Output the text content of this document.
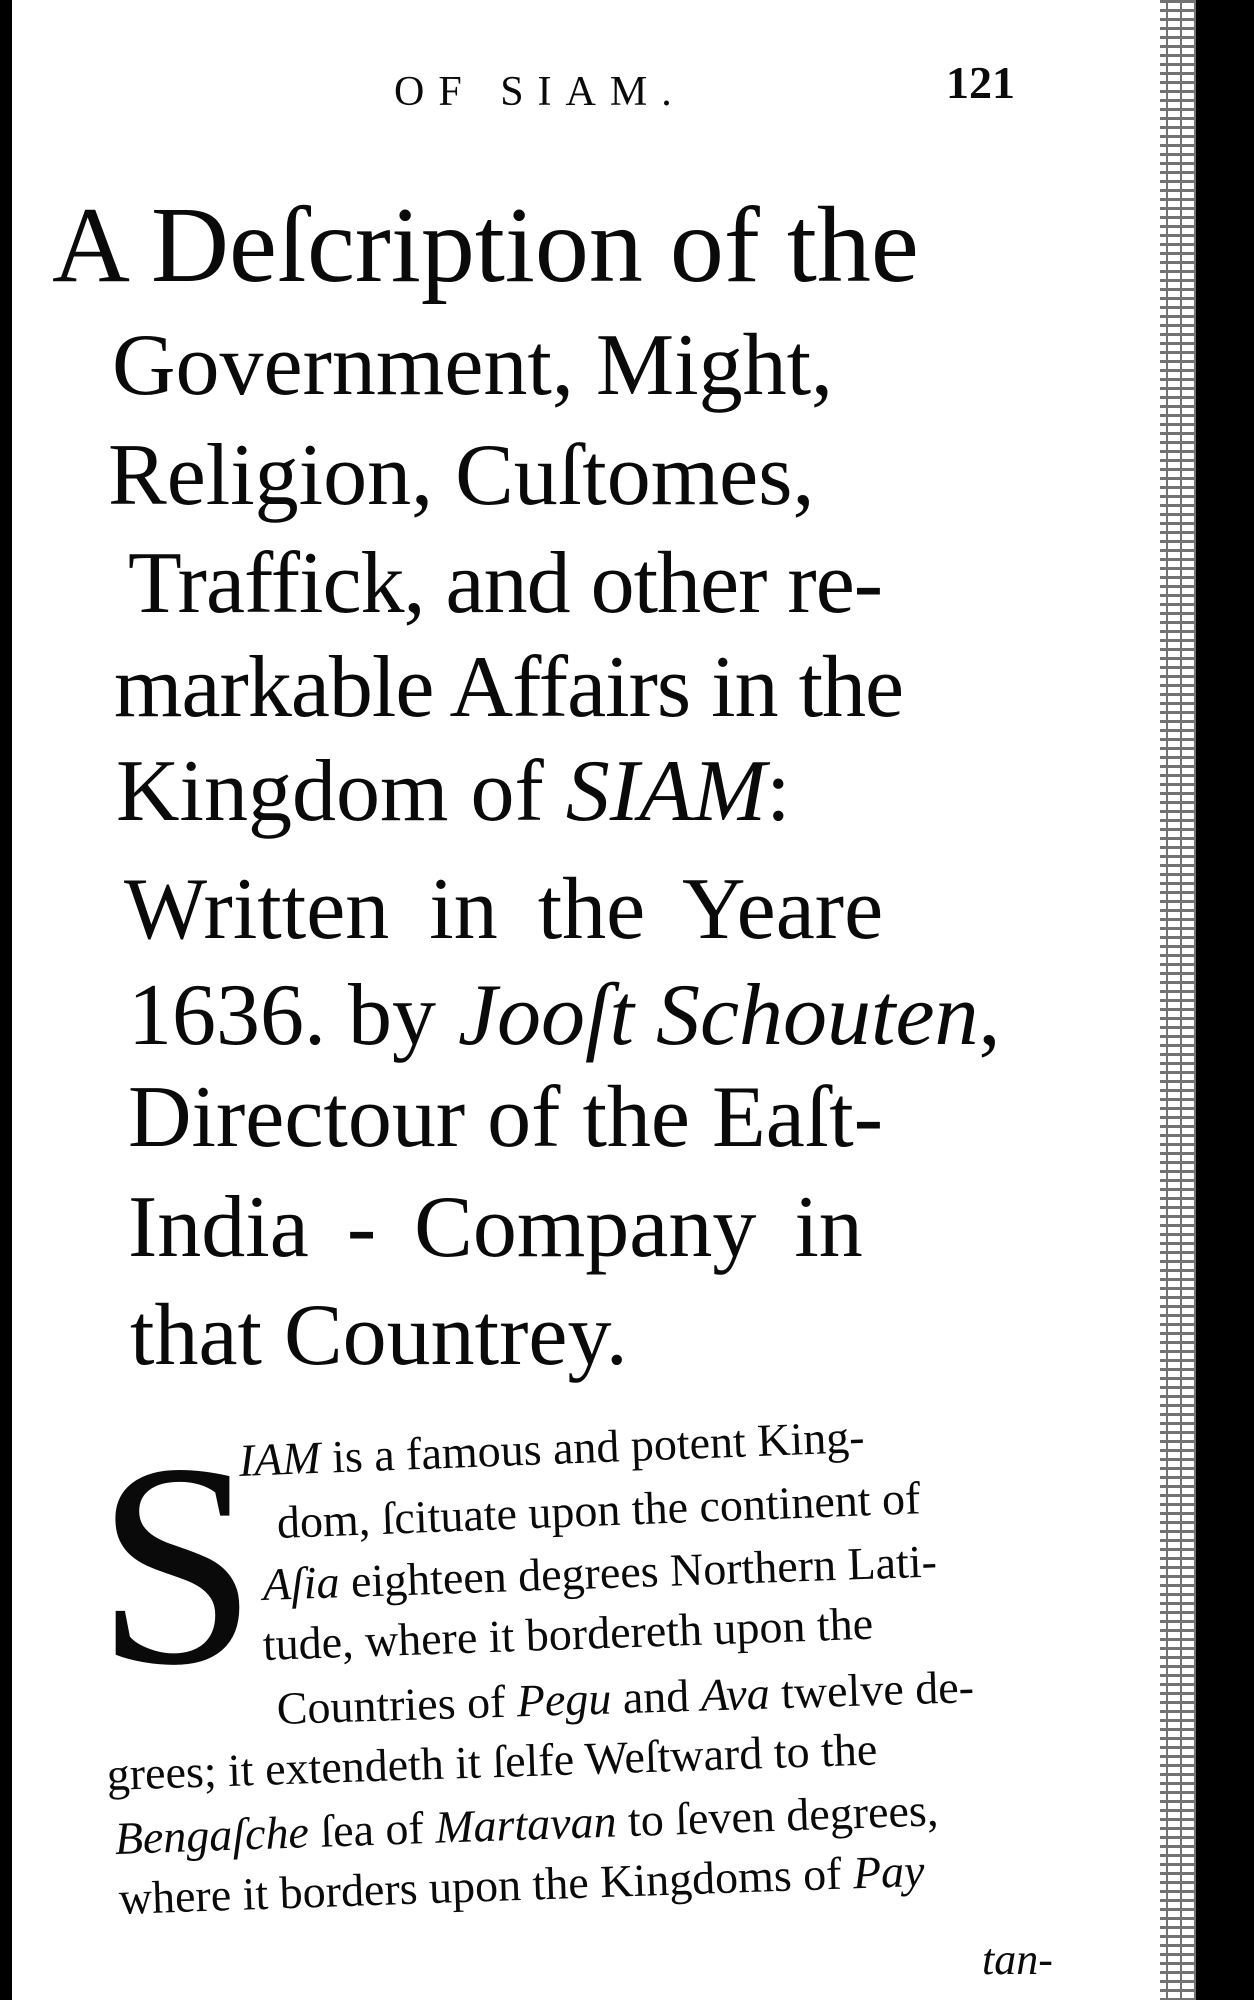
OF SIAM.	121
A Deſcription of the
Government, Might,
Religion, Cuſtomes,
Traffick, and other re-
markable Affairs in the
Kingdom of SIAM:
Written in the Yeare
1636. by Jooſt Schouten,
Directour of the Eaſt-
India - Company in
that Countrey.
S
IAM is a famous and potent King-
dom, ſcituate upon the continent of
Aſia eighteen degrees Northern Lati-
tude, where it bordereth upon the
Countries of Pegu and Ava twelve de-
grees; it extendeth it ſelfe Weſtward to the
Bengaſche ſea of Martavan to ſeven degrees,
where it borders upon the Kingdoms of Pay
tan-
